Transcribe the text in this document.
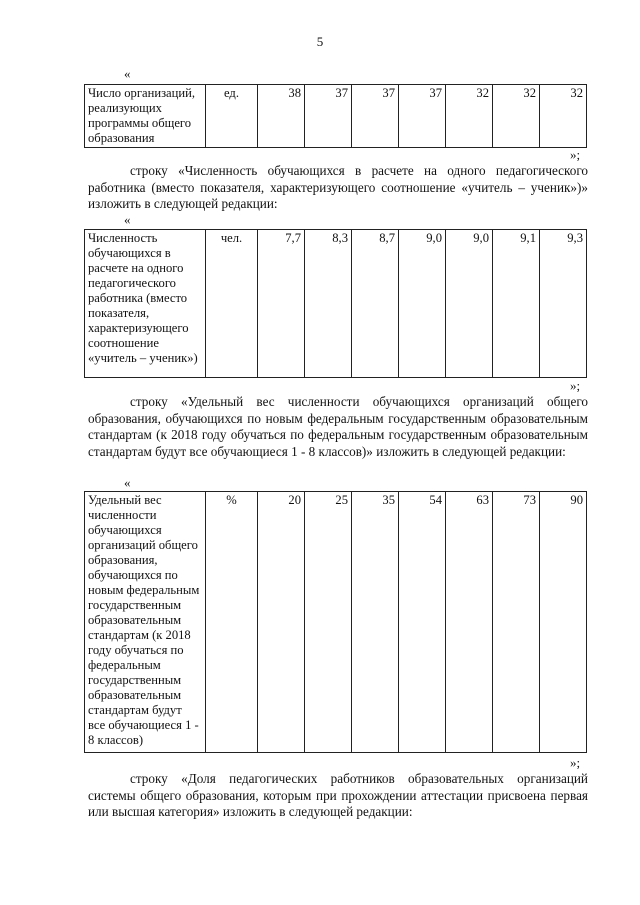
5
«
Число организаций, реализующих программы общего образования	ед.	38	37	37	37	32	32	32
»;
строку «Численность обучающихся в расчете на одного педагогического работника (вместо показателя, характеризующего соотношение «учитель – ученик»)» изложить в следующей редакции:
«
Численность обучающихся в расчете на одного педагогического работника (вместо показателя, характеризующего соотношение «учитель – ученик»)	чел.	7,7	8,3	8,7	9,0	9,0	9,1	9,3
»;
строку «Удельный вес численности обучающихся организаций общего образования, обучающихся по новым федеральным государственным образовательным стандартам (к 2018 году обучаться по федеральным государственным образовательным стандартам будут все обучающиеся 1 - 8 классов)» изложить в следующей редакции:
«
Удельный вес численности обучающихся организаций общего образования, обучающихся по новым федеральным государственным образовательным стандартам (к 2018 году обучаться по федеральным государственным образовательным стандартам будут все обучающиеся 1 - 8 классов)	%	20	25	35	54	63	73	90
»;
строку «Доля педагогических работников образовательных организаций системы общего образования, которым при прохождении аттестации присвоена первая или высшая категория» изложить в следующей редакции:
